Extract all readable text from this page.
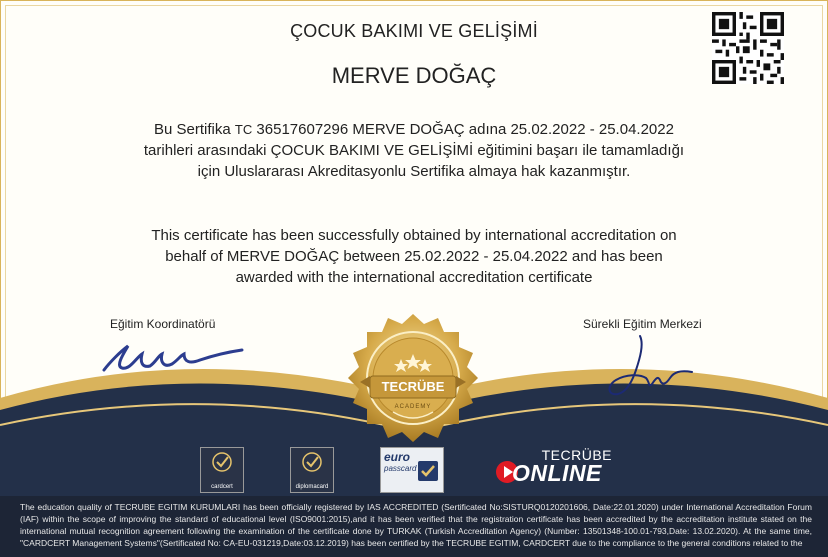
ÇOCUK BAKIMI VE GELİŞİMİ
MERVE DOĞAÇ
Bu Sertifika TC 36517607296 MERVE DOĞAÇ adına 25.02.2022 - 25.04.2022
tarihleri arasındaki ÇOCUK BAKIMI VE GELİŞİMİ eğitimini başarı ile tamamladığı
için Uluslararası Akreditasyonlu Sertifika almaya hak kazanmıştır.
This certificate has been successfully obtained by international accreditation on
behalf of MERVE DOĞAÇ between 25.02.2022 - 25.04.2022 and has been
awarded with the international accreditation certificate
Eğitim Koordinatörü	Sürekli Eğitim Merkezi
TECRÜBE
ACADEMY
cardcert	diplomacard
euro
passcard
TECRÜBE
ONLINE
The education quality of TECRUBE EGITIM KURUMLARI has been officially registered by IAS ACCREDITED (Sertificated No:SISTURQ0120201606, Date:22.01.2020) under International Accreditation Forum (IAF) within the scope of improving the standard of educational level (ISO9001:2015),and it has been verified that the registration certificate has been accredited by the accreditation institute stated on the international mutual recognition agreement following the examination of the certificate done by TURKAK (Turkish Accreditation Agency) (Number: 13501348-100.01-793,Date: 13.02.2020). At the same time, "CARDCERT Management Systems"(Sertificated No: CA-EU-031219,Date:03.12.2019) has been certified by the TECRUBE EGITIM, CARDCERT due to the compliance to the general conditions related to the
